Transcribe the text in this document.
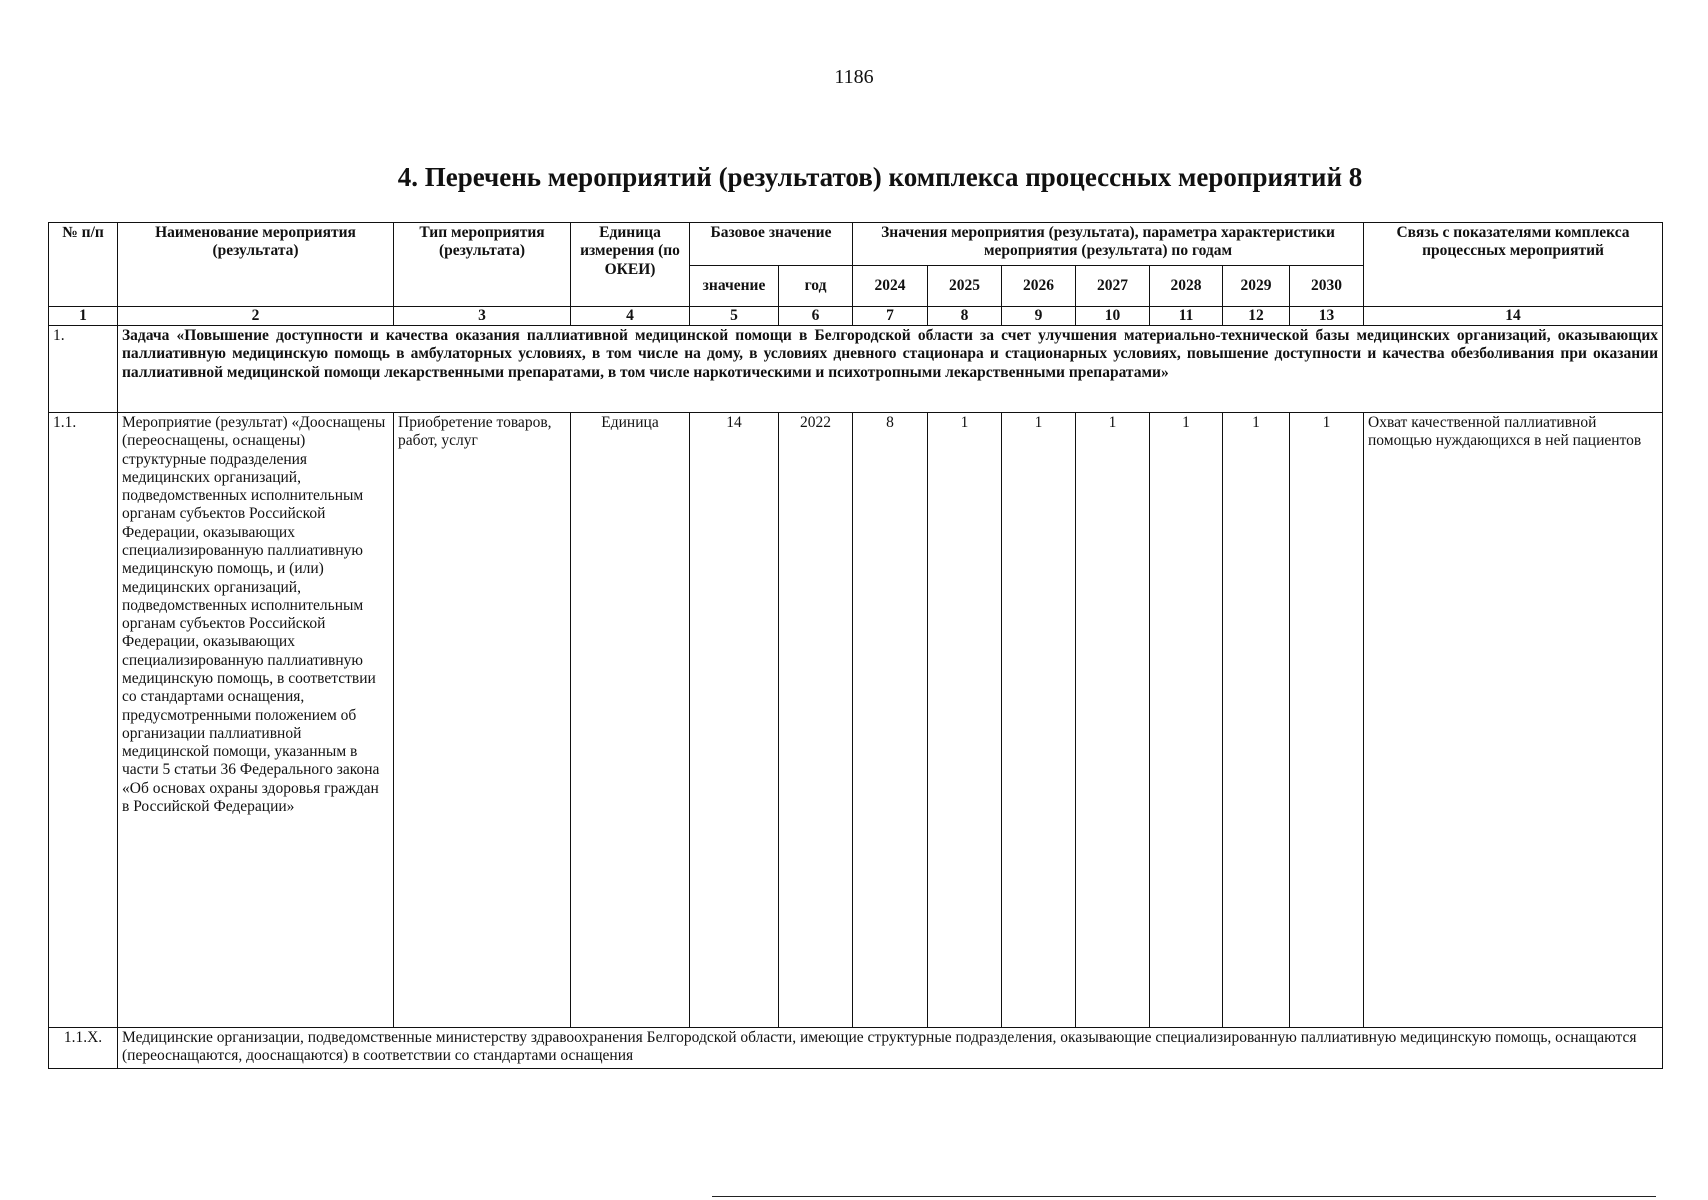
1186
4. Перечень мероприятий (результатов) комплекса процессных мероприятий 8
№ п/п	Наименование мероприятия (результата)	Тип мероприятия (результата)	Единица измерения (по ОКЕИ)	Базовое значение		Значения мероприятия (результата), параметра характеристики мероприятия (результата) по годам							Связь с показателями комплекса процессных мероприятий
				значение	год	2024	2025	2026	2027	2028	2029	2030	
1	2	3	4	5	6	7	8	9	10	11	12	13	14
1.	Задача «Повышение доступности и качества оказания паллиативной медицинской помощи в Белгородской области за счет улучшения материально-технической базы медицинских организаций, оказывающих паллиативную медицинскую помощь в амбулаторных условиях, в том числе на дому, в условиях дневного стационара и стационарных условиях, повышение доступности и качества обезболивания при оказании паллиативной медицинской помощи лекарственными препаратами, в том числе наркотическими и психотропными лекарственными препаратами»												
1.1.	Мероприятие (результат) «Дооснащены (переоснащены, оснащены) структурные подразделения медицинских организаций, подведомственных исполнительным органам субъектов Российской Федерации, оказывающих специализированную паллиативную медицинскую помощь, и (или) медицинских организаций, подведомственных исполнительным органам субъектов Российской Федерации, оказывающих специализированную паллиативную медицинскую помощь, в соответствии со стандартами оснащения, предусмотренными положением об организации паллиативной медицинской помощи, указанным в части 5 статьи 36 Федерального закона «Об основах охраны здоровья граждан в Российской Федерации»	Приобретение товаров, работ, услуг	Единица	14	2022	8	1	1	1	1	1	1	Охват качественной паллиативной помощью нуждающихся в ней пациентов
1.1.Х.	Медицинские организации, подведомственные министерству здравоохранения Белгородской области, имеющие структурные подразделения, оказывающие специализированную паллиативную медицинскую помощь, оснащаются (переоснащаются, дооснащаются) в соответствии со стандартами оснащения												
